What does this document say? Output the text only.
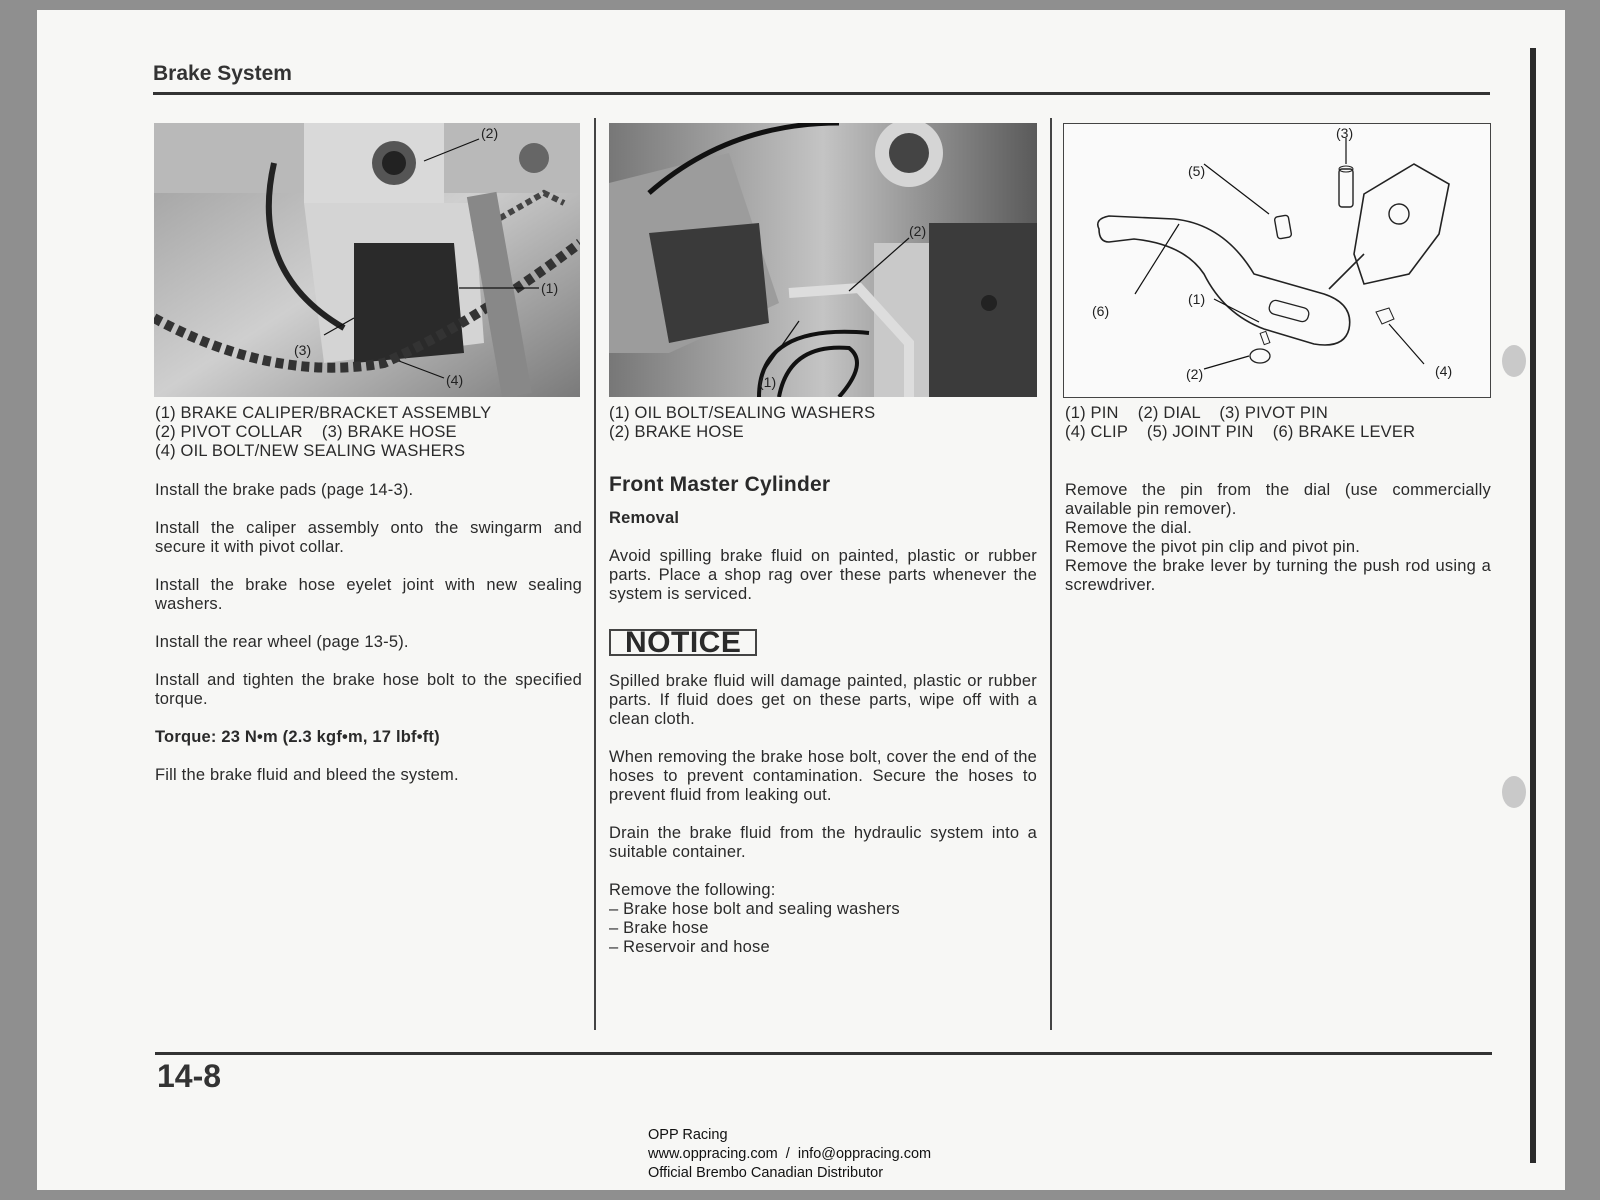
Brake System
(2)
(1)
(3)
(4)
(2)
(1)
(6)
(5)
(3)
(1)
(2)	(4)
(1) BRAKE CALIPER/BRACKET ASSEMBLY
(2) PIVOT COLLAR    (3) BRAKE HOSE
(4) OIL BOLT/NEW SEALING WASHERS
(1) OIL BOLT/SEALING WASHERS
(2) BRAKE HOSE
(1) PIN    (2) DIAL    (3) PIVOT PIN
(4) CLIP    (5) JOINT PIN    (6) BRAKE LEVER

Install the brake pads (page 14-3).

Install the caliper assembly onto the swingarm and secure it with pivot collar.

Install the brake hose eyelet joint with new sealing washers.

Install the rear wheel (page 13-5).

Install and tighten the brake hose bolt to the specified torque.

Torque: 23 N•m (2.3 kgf•m, 17 lbf•ft)

Fill the brake fluid and bleed the system.

Front Master Cylinder

Removal

Avoid spilling brake fluid on painted, plastic or rubber parts. Place a shop rag over these parts whenever the system is serviced.

NOTICE

Spilled brake fluid will damage painted, plastic or rubber parts. If fluid does get on these parts, wipe off with a clean cloth.

When removing the brake hose bolt, cover the end of the hoses to prevent contamination. Secure the hoses to prevent fluid from leaking out.

Drain the brake fluid from the hydraulic system into a suitable container.

Remove the following:
– Brake hose bolt and sealing washers
– Brake hose
– Reservoir and hose
Remove the pin from the dial (use commercially available pin remover).
Remove the dial.
Remove the pivot pin clip and pivot pin.
Remove the brake lever by turning the push rod using a screwdriver.
14-8
OPP Racing
www.oppracing.com  /  info@oppracing.com
Official Brembo Canadian Distributor
